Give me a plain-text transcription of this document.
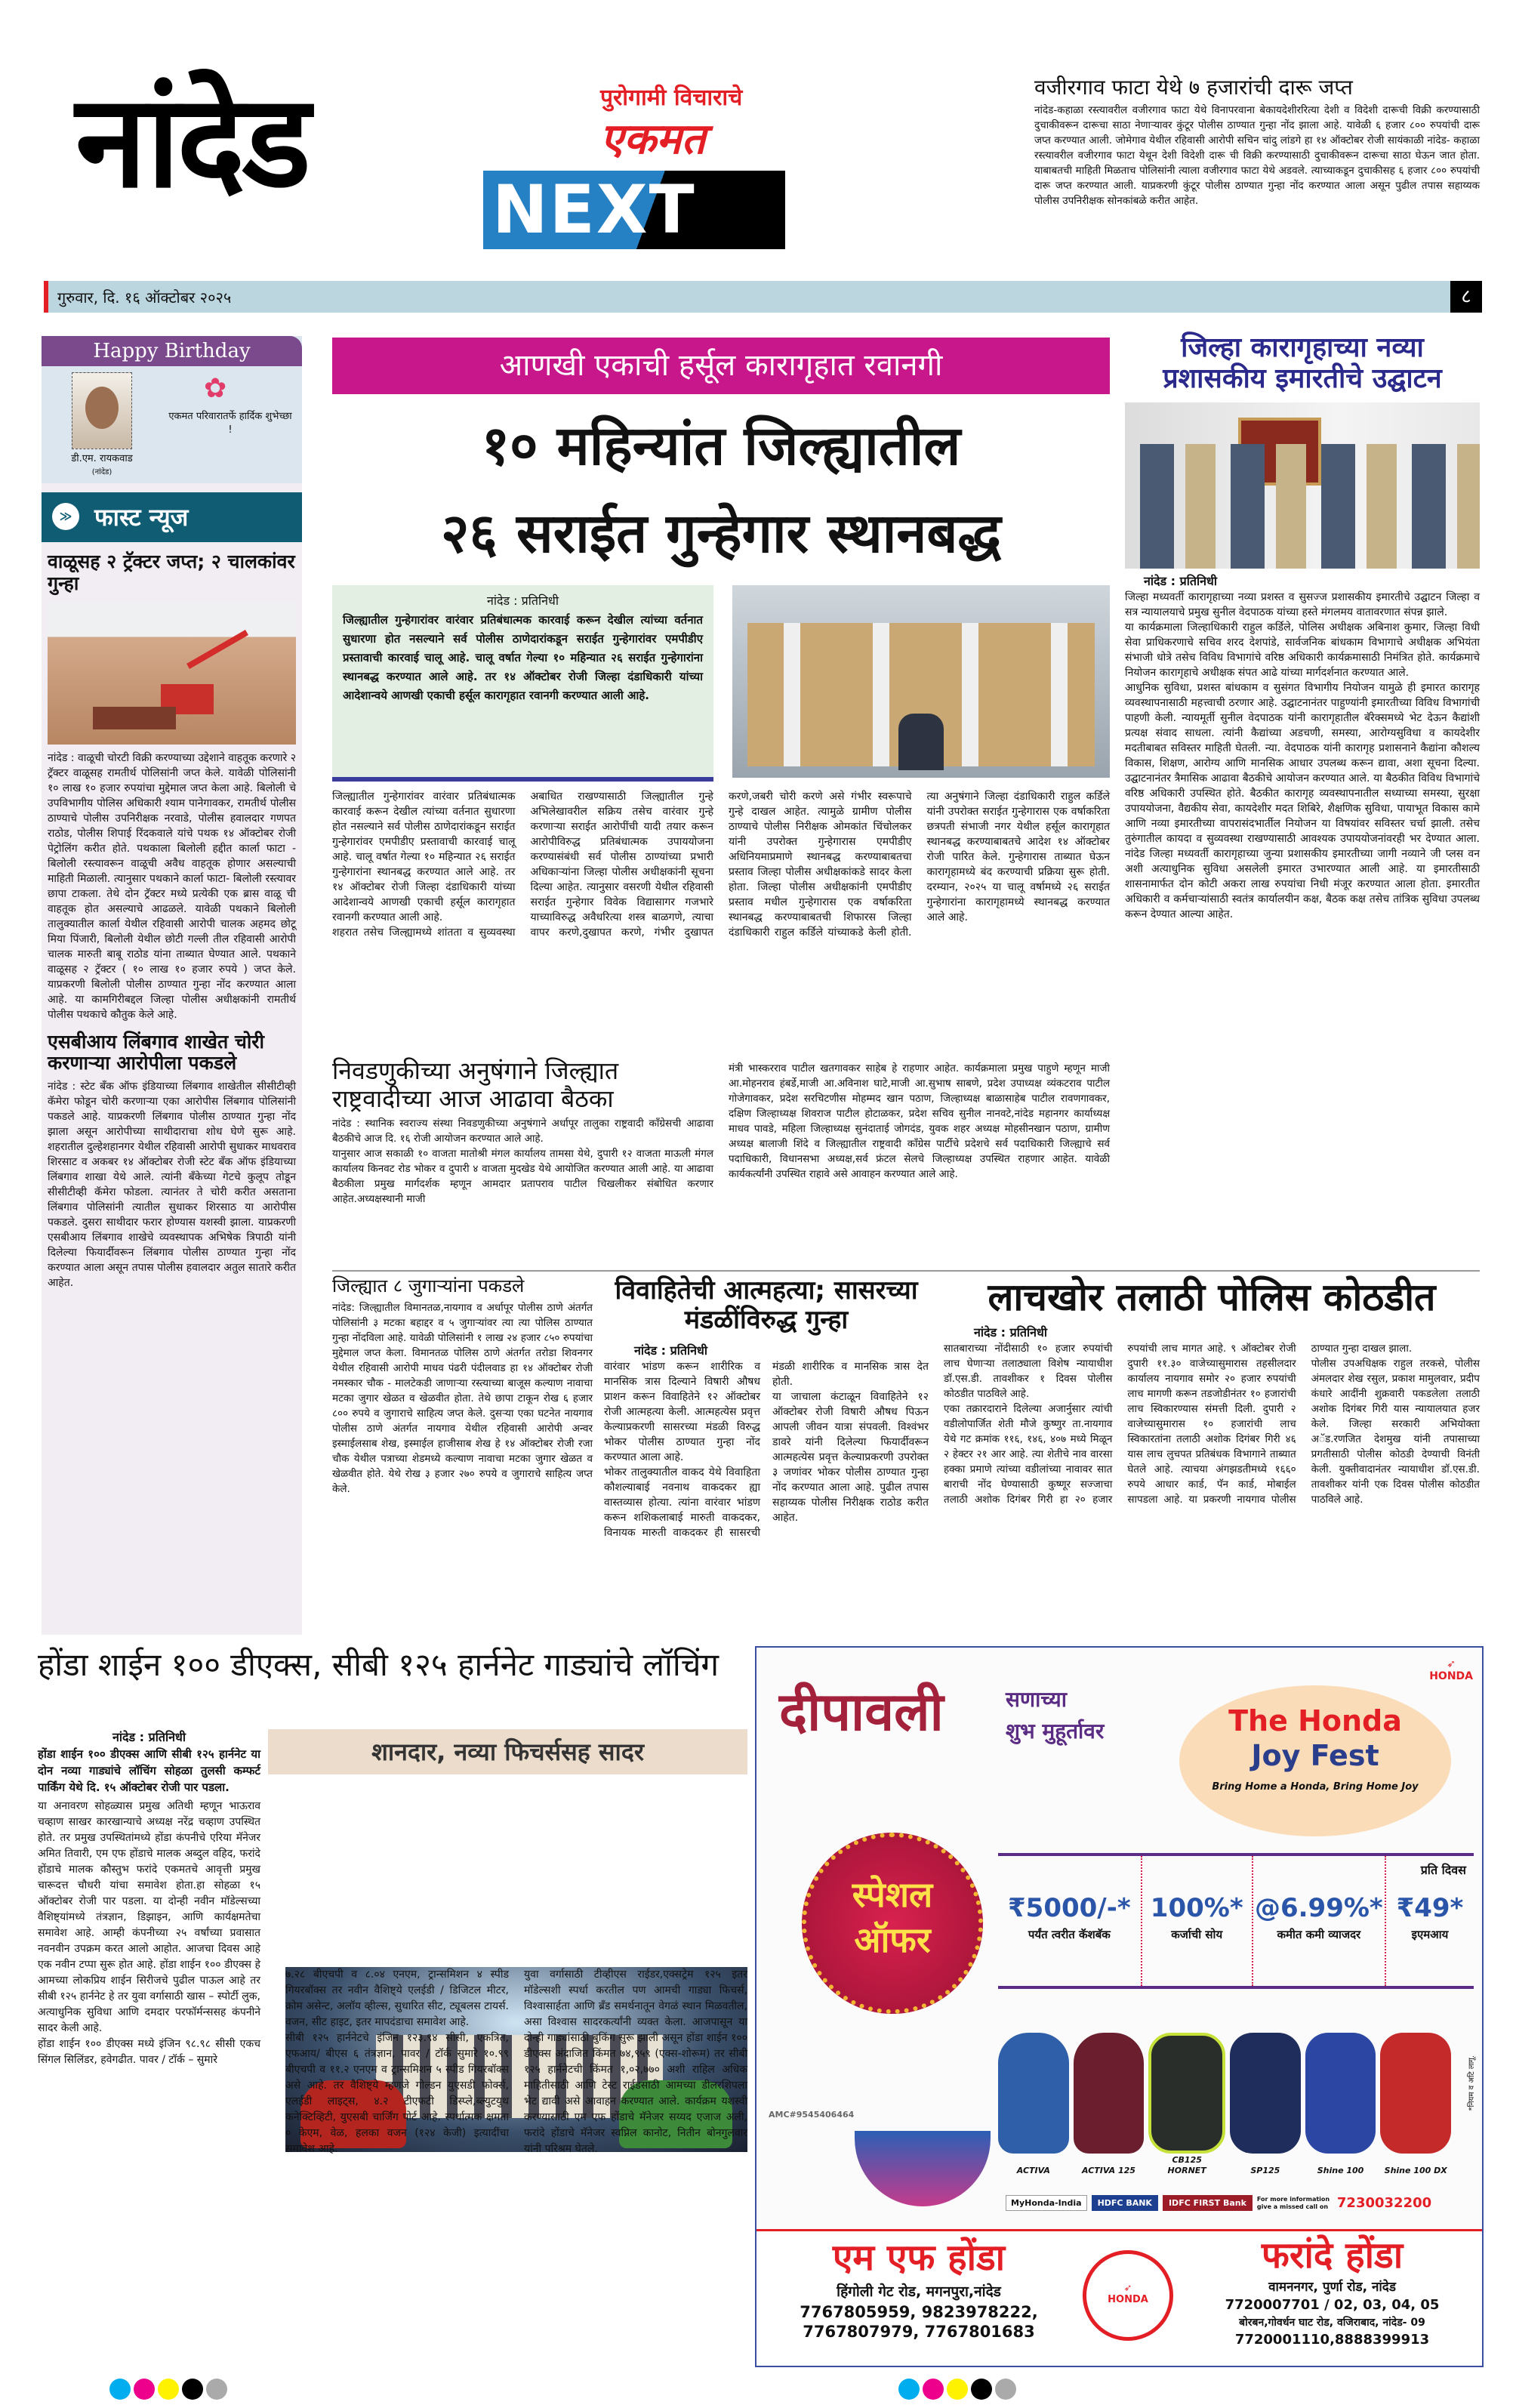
नांदेड	पुरोगामी विचाराचे
एकमत
NEXT
वजीरगाव फाटा येथे ७ हजारांची दारू जप्त
नांदेड-कहाळा रस्त्यावरील वजीरगाव फाटा येथे विनापरवाना बेकायदेशीररित्या देशी व विदेशी दारूची विक्री करण्यासाठी दुचाकीवरून दारूचा साठा नेणाऱ्यावर कुंटूर पोलीस ठाण्यात गुन्हा नोंद झाला आहे. यावेळी ६ हजार ८०० रुपयांची दारू जप्त करण्यात आली. जोमेगाव येथील रहिवासी आरोपी सचिन चांदु लांडगे हा १४ ऑक्टोबर रोजी सायंकाळी नांदेड- कहाळा रस्त्यावरील वजीरगाव फाटा येथून देशी विदेशी दारू ची विक्री करण्यासाठी दुचाकीवरून दारूचा साठा घेऊन जात होता. याबाबतची माहिती मिळताच पोलिसांनी त्याला वजीरगाव फाटा येथे अडवले. त्याच्याकडून दुचाकीसह ६ हजार ८०० रुपयांची दारू जप्त करण्यात आली. याप्रकरणी कुंटूर पोलीस ठाण्यात गुन्हा नोंद करण्यात आला असून पुढील तपास सहाय्यक पोलीस उपनिरीक्षक सोनकांबळे करीत आहेत.
गुरुवार, दि. १६ ऑक्टोबर २०२५	८
Happy Birthday
डी.एम. रायकवाड
(नांदेड)
✿
एकमत परिवारातर्फे हार्दिक शुभेच्छा !
≫ फास्ट न्यूज
वाळूसह २ ट्रॅक्टर जप्त; २ चालकांवर गुन्हा
नांदेड : वाळूची चोरटी विक्री करण्याच्या उद्देशाने वाहतूक करणारे २ ट्रॅक्टर वाळूसह रामतीर्थ पोलिसांनी जप्त केले. यावेळी पोलिसांनी १० लाख १० हजार रुपयांचा मुद्देमाल जप्त केला आहे. बिलोली चे उपविभागीय पोलिस अधिकारी श्याम पानेगावकर, रामतीर्थ पोलीस ठाण्याचे पोलीस उपनिरीक्षक नरवाडे, पोलीस हवालदार गणपत राठोड, पोलीस शिपाई रिंदकवाले यांचे पथक १४ ऑक्टोबर रोजी पेट्रोलिंग करीत होते. पथकाला बिलोली हद्दीत कार्ला फाटा - बिलोली रस्त्यावरून वाळूची अवैध वाहतूक होणार असल्याची माहिती मिळाली. त्यानुसार पथकाने कार्ला फाटा- बिलोली रस्त्यावर छापा टाकला. तेथे दोन ट्रॅक्टर मध्ये प्रत्येकी एक ब्रास वाळू ची वाहतूक होत असल्याचे आढळले. यावेळी पथकाने बिलोली तालुक्यातील कार्ला येथील रहिवासी आरोपी चालक अहमद छोटू मिया पिंजारी, बिलोली येथील छोटी गल्ली तील रहिवासी आरोपी चालक मारुती बाबू राठोड यांना ताब्यात घेण्यात आले. पथकाने वाळूसह २ ट्रॅक्टर ( १० लाख १० हजार रुपये ) जप्त केले. याप्रकरणी बिलोली पोलीस ठाण्यात गुन्हा नोंद करण्यात आला आहे. या कामगिरीबद्दल जिल्हा पोलीस अधीक्षकांनी रामतीर्थ पोलीस पथकाचे कौतुक केले आहे.
एसबीआय लिंबगाव शाखेत चोरी करणाऱ्या आरोपीला पकडले
नांदेड : स्टेट बँक ऑफ इंडियाच्या लिंबगाव शाखेतील सीसीटीव्ही कॅमेरा फोडून चोरी करणाऱ्या एका आरोपीस लिंबगाव पोलिसांनी पकडले आहे. याप्रकरणी लिंबगाव पोलीस ठाण्यात गुन्हा नोंद झाला असून आरोपीच्या साथीदाराचा शोध घेणे सुरू आहे. शहरातील दुल्हेशहानगर येथील रहिवासी आरोपी सुधाकर माधवराव शिरसाट व अकबर १४ ऑक्टोबर रोजी स्टेट बँक ऑफ इंडियाच्या लिंबगाव शाखा येथे आले. त्यांनी बँकेच्या गेटचे कुलूप तोडून सीसीटीव्ही कॅमेरा फोडला. त्यानंतर ते चोरी करीत असताना लिंबगाव पोलिसांनी त्यातील सुधाकर शिरसाठ या आरोपीस पकडले. दुसरा साथीदार फरार होण्यास यशस्वी झाला. याप्रकरणी एसबीआय लिंबगाव शाखेचे व्यवस्थापक अभिषेक त्रिपाठी यांनी दिलेल्या फियार्दीवरून लिंबगाव पोलीस ठाण्यात गुन्हा नोंद करण्यात आला असून तपास पोलीस हवालदार अतुल सातारे करीत आहेत.
आणखी एकाची हर्सूल कारागृहात रवानगी
१० महिन्यांत जिल्ह्यातील
२६ सराईत गुन्हेगार स्थानबद्ध
नांदेड : प्रतिनिधी
जिल्ह्यातील गुन्हेगारांवर वारंवार प्रतिबंधात्मक कारवाई करून देखील त्यांच्या वर्तनात सुधारणा होत नसल्याने सर्व पोलीस ठाणेदारांकडून सराईत गुन्हेगारांवर एमपीडीए प्रस्तावाची कारवाई चालू आहे. चालू वर्षात गेल्या १० महिन्यात २६ सराईत गुन्हेगारांना स्थानबद्ध करण्यात आले आहे. तर १४ ऑक्टोबर रोजी जिल्हा दंडाधिकारी यांच्या आदेशान्वये आणखी एकाची हर्सूल कारागृहात रवानगी करण्यात आली आहे.
जिल्ह्यातील गुन्हेगारांवर वारंवार प्रतिबंधात्मक कारवाई करून देखील त्यांच्या वर्तनात सुधारणा होत नसल्याने सर्व पोलीस ठाणेदारांकडून सराईत गुन्हेगारांवर एमपीडीए प्रस्तावाची कारवाई चालू आहे. चालू वर्षात गेल्या १० महिन्यात २६ सराईत गुन्हेगारांना स्थानबद्ध करण्यात आले आहे. तर १४ ऑक्टोबर रोजी जिल्हा दंडाधिकारी यांच्या आदेशान्वये आणखी एकाची हर्सूल कारागृहात रवानगी करण्यात आली आहे.
शहरात तसेच जिल्ह्यामध्ये शांतता व सुव्यवस्था अबाधित राखण्यासाठी जिल्ह्यातील गुन्हे अभिलेखावरील सक्रिय तसेच वारंवार गुन्हे करणाऱ्या सराईत आरोपींची यादी तयार करून आरोपीविरुद्ध प्रतिबंधात्मक उपाययोजना करण्यासंबंधी सर्व पोलीस ठाण्यांच्या प्रभारी अधिकाऱ्यांना जिल्हा पोलीस अधीक्षकांनी सूचना दिल्या आहेत. त्यानुसार वसरणी येथील रहिवासी सराईत गुन्हेगार विवेक विद्यासागर गजभारे याच्याविरुद्ध अवैधरित्या शस्त्र बाळगणे, त्याचा वापर करणे,दुखापत करणे, गंभीर दुखापत करणे,जबरी चोरी करणे असे गंभीर स्वरूपाचे गुन्हे दाखल आहेत. त्यामुळे ग्रामीण पोलीस ठाण्याचे पोलीस निरीक्षक ओमकांत चिंचोलकर यांनी उपरोक्त गुन्हेगारास एमपीडीए अधिनियमाप्रमाणे स्थानबद्ध करण्याबाबतचा प्रस्ताव जिल्हा पोलीस अधीक्षकांकडे सादर केला होता. जिल्हा पोलीस अधीक्षकांनी एमपीडीए प्रस्ताव मधील गुन्हेगारास एक वर्षाकरिता स्थानबद्ध करण्याबाबतची शिफारस जिल्हा दंडाधिकारी राहुल कर्डिले यांच्याकडे केली होती. त्या अनुषंगाने जिल्हा दंडाधिकारी राहुल कर्डिले यांनी उपरोक्त सराईत गुन्हेगारास एक वर्षाकरिता छत्रपती संभाजी नगर येथील हर्सूल कारागृहात स्थानबद्ध करण्याबाबतचे आदेश १४ ऑक्टोबर रोजी पारित केले. गुन्हेगारास ताब्यात घेऊन कारागृहामध्ये बंद करण्याची प्रक्रिया सुरू होती. दरम्यान, २०२५ या चालू वर्षामध्ये २६ सराईत गुन्हेगारांना कारागृहामध्ये स्थानबद्ध करण्यात आले आहे.
निवडणुकीच्या अनुषंगाने जिल्ह्यात राष्ट्रवादीच्या आज आढावा बैठका
नांदेड : स्थानिक स्वराज्य संस्था निवडणुकीच्या अनुषंगाने अर्धापूर तालुका राष्ट्रवादी काँग्रेसची आढावा बैठकीचे आज दि. १६ रोजी आयोजन करण्यात आले आहे.
यानुसार आज सकाळी १० वाजता मातोश्री मंगल कार्यालय तामसा येथे, दुपारी १२ वाजता माऊली मंगल कार्यालय किनवट रोड भोकर व दुपारी ४ वाजता मुदखेड येथे आयोजित करण्यात आली आहे. या आढावा बैठकीला प्रमुख मार्गदर्शक म्हणून आमदार प्रतापराव पाटील चिखलीकर संबोधित करणार आहेत.अध्यक्षस्थानी माजी
मंत्री भास्करराव पाटील खतगावकर साहेब हे राहणार आहेत. कार्यक्रमाला प्रमुख पाहुणे म्हणून माजी आ.मोहनराव हंबर्डे,माजी आ.अविनाश घाटे,माजी आ.सुभाष साबणे, प्रदेश उपाध्यक्ष व्यंकटराव पाटील गोजेगावकर, प्रदेश सरचिटणीस मोहम्मद खान पठाण, जिल्हाध्यक्ष बाळासाहेब पाटील रावणगावकर, दक्षिण जिल्हाध्यक्ष शिवराज पाटील होटाळकर, प्रदेश सचिव सुनील नानवटे,नांदेड महानगर कार्याध्यक्ष माधव पावडे, महिला जिल्हाध्यक्ष सुनंदाताई जोगदंड, युवक शहर अध्यक्ष मोहसीनखान पठाण, ग्रामीण अध्यक्ष बालाजी शिंदे व जिल्ह्यातील राष्ट्रवादी काँग्रेस पार्टीचे प्रदेशचे सर्व पदाधिकारी जिल्ह्याचे सर्व पदाधिकारी, विधानसभा अध्यक्ष,सर्व फ्रंटल सेलचे जिल्हाध्यक्ष उपस्थित राहणार आहेत. यावेळी कार्यकर्त्यांनी उपस्थित राहावे असे आवाहन करण्यात आले आहे.
जिल्हा कारागृहाच्या नव्या प्रशासकीय इमारतीचे उद्घाटन
नांदेड : प्रतिनिधी
जिल्हा मध्यवर्ती कारागृहाच्या नव्या प्रशस्त व सुसज्ज प्रशासकीय इमारतीचे उद्घाटन जिल्हा व सत्र न्यायालयाचे प्रमुख सुनील वेदपाठक यांच्या हस्ते मंगलमय वातावरणात संपन्न झाले.
या कार्यक्रमाला जिल्हाधिकारी राहुल कर्डिले, पोलिस अधीक्षक अबिनाश कुमार, जिल्हा विधी सेवा प्राधिकरणाचे सचिव शरद देशपांडे, सार्वजनिक बांधकाम विभागाचे अधीक्षक अभियंता संभाजी धोत्रे तसेच विविध विभागांचे वरिष्ठ अधिकारी कार्यक्रमासाठी निमंत्रित होते. कार्यक्रमाचे नियोजन कारागृहाचे अधीक्षक संपत आढे यांच्या मार्गदर्शनात करण्यात आले.
आधुनिक सुविधा, प्रशस्त बांधकाम व सुसंगत विभागीय नियोजन यामुळे ही इमारत कारागृह व्यवस्थापनासाठी महत्त्वाची ठरणार आहे. उद्घाटनानंतर पाहुण्यांनी इमारतीच्या विविध विभागांची पाहणी केली. न्यायमूर्ती सुनील वेदपाठक यांनी कारागृहातील बॅरेक्समध्ये भेट देऊन कैद्यांशी प्रत्यक्ष संवाद साधला. त्यांनी कैद्यांच्या अडचणी, समस्या, आरोग्यसुविधा व कायदेशीर मदतीबाबत सविस्तर माहिती घेतली. न्या. वेदपाठक यांनी कारागृह प्रशासनाने कैद्यांना कौशल्य विकास, शिक्षण, आरोग्य आणि मानसिक आधार उपलब्ध करून द्यावा, अशा सूचना दिल्या. उद्घाटनानंतर त्रैमासिक आढावा बैठकीचे आयोजन करण्यात आले. या बैठकीत विविध विभागांचे वरिष्ठ अधिकारी उपस्थित होते. बैठकीत कारागृह व्यवस्थापनातील सध्याच्या समस्या, सुरक्षा उपाययोजना, वैद्यकीय सेवा, कायदेशीर मदत शिबिरे, शैक्षणिक सुविधा, पायाभूत विकास कामे आणि नव्या इमारतीच्या वापरासंदभार्तील नियोजन या विषयांवर सविस्तर चर्चा झाली. तसेच तुरुंगातील कायदा व सुव्यवस्था राखण्यासाठी आवश्यक उपाययोजनांवरही भर देण्यात आला. नांदेड जिल्हा मध्यवर्ती कारागृहाच्या जुन्या प्रशासकीय इमारतीच्या जागी नव्याने जी प्लस वन अशी अत्याधुनिक सुविधा असलेली इमारत उभारण्यात आली आहे. या इमारतीसाठी शासनामार्फत दोन कोटी अकरा लाख रुपयांचा निधी मंजूर करण्यात आला होता. इमारतीत अधिकारी व कर्मचाऱ्यांसाठी स्वतंत्र कार्यालयीन कक्ष, बैठक कक्ष तसेच तांत्रिक सुविधा उपलब्ध करून देण्यात आल्या आहेत.
जिल्ह्यात ८ जुगाऱ्यांना पकडले
नांदेड: जिल्ह्यातील विमानतळ,नायगाव व अर्धापूर पोलीस ठाणे अंतर्गत पोलिसांनी ३ मटका बहाद्दर व ५ जुगाऱ्यांवर त्या त्या पोलिस ठाण्यात गुन्हा नोंदविला आहे. यावेळी पोलिसांनी १ लाख २४ हजार ८५० रुपयांचा मुद्देमाल जप्त केला. विमानतळ पोलिस ठाणे अंतर्गत तरोडा शिवनगर येथील रहिवासी आरोपी माधव पंढरी पंदीलवाड हा १४ ऑक्टोबर रोजी नमस्कार चौक - मालटेकडी जाणाऱ्या रस्त्याच्या बाजूस कल्याण नावाचा मटका जुगार खेळत व खेळवीत होता. तेथे छापा टाकून रोख ६ हजार ८०० रुपये व जुगाराचे साहित्य जप्त केले. दुसऱ्या एका घटनेत नायगाव पोलीस ठाणे अंतर्गत नायगाव येथील रहिवासी आरोपी अन्वर इस्माईलसाब शेख, इस्माईल हाजीसाब शेख हे १४ ऑक्टोबर रोजी रजा चौक येथील पत्राच्या शेडमध्ये कल्याण नावाचा मटका जुगार खेळत व खेळवीत होते. येथे रोख ३ हजार २७० रुपये व जुगाराचे साहित्य जप्त केले.
विवाहितेची आत्महत्या; सासरच्या मंडळींविरुद्ध गुन्हा
नांदेड : प्रतिनिधी
वारंवार भांडण करून शारीरिक व मानसिक त्रास दिल्याने विषारी औषध प्राशन करून विवाहितेने १२ ऑक्टोबर रोजी आत्महत्या केली. आत्महत्येस प्रवृत्त केल्याप्रकरणी सासरच्या मंडळी विरुद्ध भोकर पोलीस ठाण्यात गुन्हा नोंद करण्यात आला आहे.
भोकर तालुक्यातील वाकद येथे विवाहिता कौशल्याबाई नवनाथ वाकदकर ह्या वास्तव्यास होत्या. त्यांना वारंवार भांडण करून शशिकलाबाई मारुती वाकदकर, विनायक मारुती वाकदकर ही सासरची मंडळी शारीरिक व मानसिक त्रास देत होती.
या जाचाला कंटाळून विवाहितेने १२ ऑक्टोबर रोजी विषारी औषध पिऊन आपली जीवन यात्रा संपवली. विश्वंभर डावरे यांनी दिलेल्या फियार्दीवरून आत्महत्येस प्रवृत्त केल्याप्रकरणी उपरोक्त ३ जणांवर भोकर पोलीस ठाण्यात गुन्हा नोंद करण्यात आला आहे. पुढील तपास सहाय्यक पोलीस निरीक्षक राठोड करीत आहेत.
लाचखोर तलाठी पोलिस कोठडीत
नांदेड : प्रतिनिधी
सातबाराच्या नोंदीसाठी १० हजार रुपयांची लाच घेणाऱ्या तलाठ्याला विशेष न्यायाधीश डॉ.एस.डी. तावशीकर १ दिवस पोलीस कोठडीत पाठविले आहे.
एका तक्रारदाराने दिलेल्या अजार्नुसार त्यांची वडीलोपार्जित शेती मौजे कुष्णुर ता.नायगाव येथे गट क्रमांक ११६, १४६, ४०७ मध्ये मिळून २ हेक्टर २१ आर आहे. त्या शेतीचे नाव वारसा हक्का प्रमाणे त्यांच्या वडीलांच्या नावावर सात बाराची नोंद घेण्यासाठी कुष्णूर सज्जाचा तलाठी अशोक दिगंबर गिरी हा २० हजार रुपयांची लाच मागत आहे. ९ ऑक्टोबर रोजी दुपारी ११.३० वाजेच्यासुमारास तहसीलदार कार्यालय नायगाव समोर २० हजार रुपयांची लाच मागणी करून तडजोडीनंतर १० हजारांची लाच स्विकारण्यास संमत्ती दिली. दुपारी २ वाजेच्यासुमारास १० हजारांची लाच स्विकारतांना तलाठी अशोक दिगंबर गिरी ४६ यास लाच लुचपत प्रतिबंधक विभागाने ताब्यात घेतले आहे. त्याचया अंगझडतीमध्ये १६६० रुपये आधार कार्ड, पॅन कार्ड, मोबाईल सापडला आहे. या प्रकरणी नायगाव पोलीस ठाण्यात गुन्हा दाखल झाला.
पोलीस उपअधिक्षक राहुल तरकसे, पोलीस अंमलदार शेख रसुल, प्रकाश मामुलवार, प्रदीप कंधारे आदींनी शुक्रवारी पकडलेला तलाठी अशोक दिगंबर गिरी यास न्यायालयात हजर केले. जिल्हा सरकारी अभियोक्ता अॅड.रणजित देशमुख यांनी तपासाच्या प्रगतीसाठी पोलीस कोठडी देण्याची विनंती केली. युक्तीवादानंतर न्यायाधीश डॉ.एस.डी. तावशीकर यांनी एक दिवस पोलीस कोठडीत पाठविले आहे.
होंडा शाईन १०० डीएक्स, सीबी १२५ हार्ननेट गाड्यांचे लॉचिंग
नांदेड : प्रतिनिधी
होंडा शाईन १०० डीएक्स आणि सीबी १२५ हार्ननेट या दोन नव्या गाड्यांचे लॉचिंग सोहळा तुलसी कम्फर्ट पार्किंग येथे दि. १५ ऑक्टोबर रोजी पार पडला.
या अनावरण सोहळ्यास प्रमुख अतिथी म्हणून भाऊराव चव्हाण साखर कारखान्याचे अध्यक्ष नरेंद्र चव्हाण उपस्थित होते. तर प्रमुख उपस्थितांमध्ये होंडा कंपनीचे एरिया मॅनेजर अमित तिवारी, एम एफ होंडाचे मालक अब्दुल वहिद, फरांदे होंडाचे मालक कौस्तुभ फरांदे एकमतचे आवृत्ती प्रमुख चारूदत्त चौधरी यांचा समावेश होता.हा सोहळा १५ ऑक्टोबर रोजी पार पडला. या दोन्ही नवीन मॉडेल्सच्या वैशिष्ट्यांमध्ये तंत्रज्ञान, डिझाइन, आणि कार्यक्षमतेचा समावेश आहे. आम्ही कंपनीच्या २५ वर्षांच्या प्रवासात नवनवीन उपक्रम करत आलो आहोत. आजचा दिवस आहे एक नवीन टप्पा सुरू होत आहे. होंडा शाईन १०० डीएक्स हे आमच्या लोकप्रिय शाईन सिरीजचे पुढील पाऊल आहे तर सीबी १२५ हार्ननेट हे तर युवा वर्गासाठी खास – स्पोर्टी लुक, अत्याधुनिक सुविधा आणि दमदार परफॉर्मन्ससह कंपनीने सादर केली आहे.
होंडा शाईन १०० डीएक्स मध्ये इंजिन ९८.९८ सीसी एकच सिंगल सिलिंडर, हवेगढीत. पावर / टॉर्क – सुमारे
शानदार, नव्या फिचर्ससह सादर
७.२८ बीएचपी व ८.०४ एनएम, ट्रान्समिशन ४ स्पीड गियरबॉक्स तर नवीन वैशिष्ट्ये एलईडी / डिजिटल मीटर, क्रोम असेन्ट, अलॉय व्हील्स, सुधारित सीट, ट्यूबलस टायर्स. वजन, सीट हाइट, इतर मापदंडाचा समावेश आहे.
सीबी १२५ हार्ननेटचे इंजिन १२३.९४ सीसी, एकत्रित, एफआय/ बीएस ६ तंत्रज्ञान, पावर / टॉर्क सुमारे १०.९९ बीएचपी व ११.२ एनएम व ट्रान्समिशन ५ स्पीड गियरबॉक्स असे आहे. तर वैशिष्ट्ये म्हणजे गोल्डन युएसडी फोर्क्स, एलईडी लाइट्स, ४.२ टीएफटी डिस्प्ले,ब्ल्युटयुथ कनेक्टिव्हिटी, युएसबी चार्जिंग पोर्ट आहे. स्पर्धात्मक क्षमता ० केएम, वेळ, हलका वजन (१२४ केजी) इत्यादींचा समावेश आहे.
युवा वर्गासाठी टीव्हीएस राईडर,एक्सट्रेम १२५ इतर मॉडेल्सशी स्पर्धा करतील पण आमची गाड्या फिचर्स, विश्वासार्हता आणि ब्रँड समर्थनातून वेगळं स्थान मिळवतील, असा विश्वास सादरकर्त्यांनी व्यक्त केला. आजपासून या दोन्ही गाड्यांसाठी बुकिंग सुरू झाली असून होंडा शाईन १०० डीएक्स अंदाजित किंमत ७४,९५९ (एक्स-शोरूम) तर सीबी १२५ हार्ननेटची किंमत १,०२,७७० अशी राहिल अधिक माहितीसाठी आणि टेस्ट राईडसाठी आमच्या डीलरशिपला भेट द्यावी असे आवाहन करण्यात आले. कार्यक्रम यशस्वी करण्यासाठी एम एफ होंडाचे मॅनेजर सय्यद एजाज अली, फरांदे होंडाचे मॅनेजर स्वप्निल कानोट, नितीन बोनगुलवार यांनी परिश्रम घेतले.
➶
HONDA
दीपावली	सणाच्या
शुभ मुहूर्तावर
स्पेशल ऑफर
The Honda
Joy Fest
Bring Home a Honda, Bring Home Joy
प्रति दिवस
₹5000/-*
पर्यंत त्वरीत कॅशबॅक
100%*
कर्जाची सोय
@6.99%*
कमीत कमी व्याजदर
₹49*
इएमआय
ACTIVA	ACTIVA 125
CB125 HORNET	SP125	Shine 100	Shine 100 DX
*नियम व अटि लागू.
AMC#9545406464
MyHonda-India	HDFC BANK	IDFC FIRST Bank	For more information give a missed call on 7230032200
एम एफ होंडा
हिंगोली गेट रोड, मगनपुरा,नांदेड
7767805959, 9823978222,
7767807979, 7767801683
➶
HONDA
फरांदे होंडा
वामननगर, पुर्णा रोड, नांदेड
7720007701 / 02, 03, 04, 05
बोरबन,गोवर्धन घाट रोड, वजिराबाद, नांदेड- 09
7720001110,8888399913
